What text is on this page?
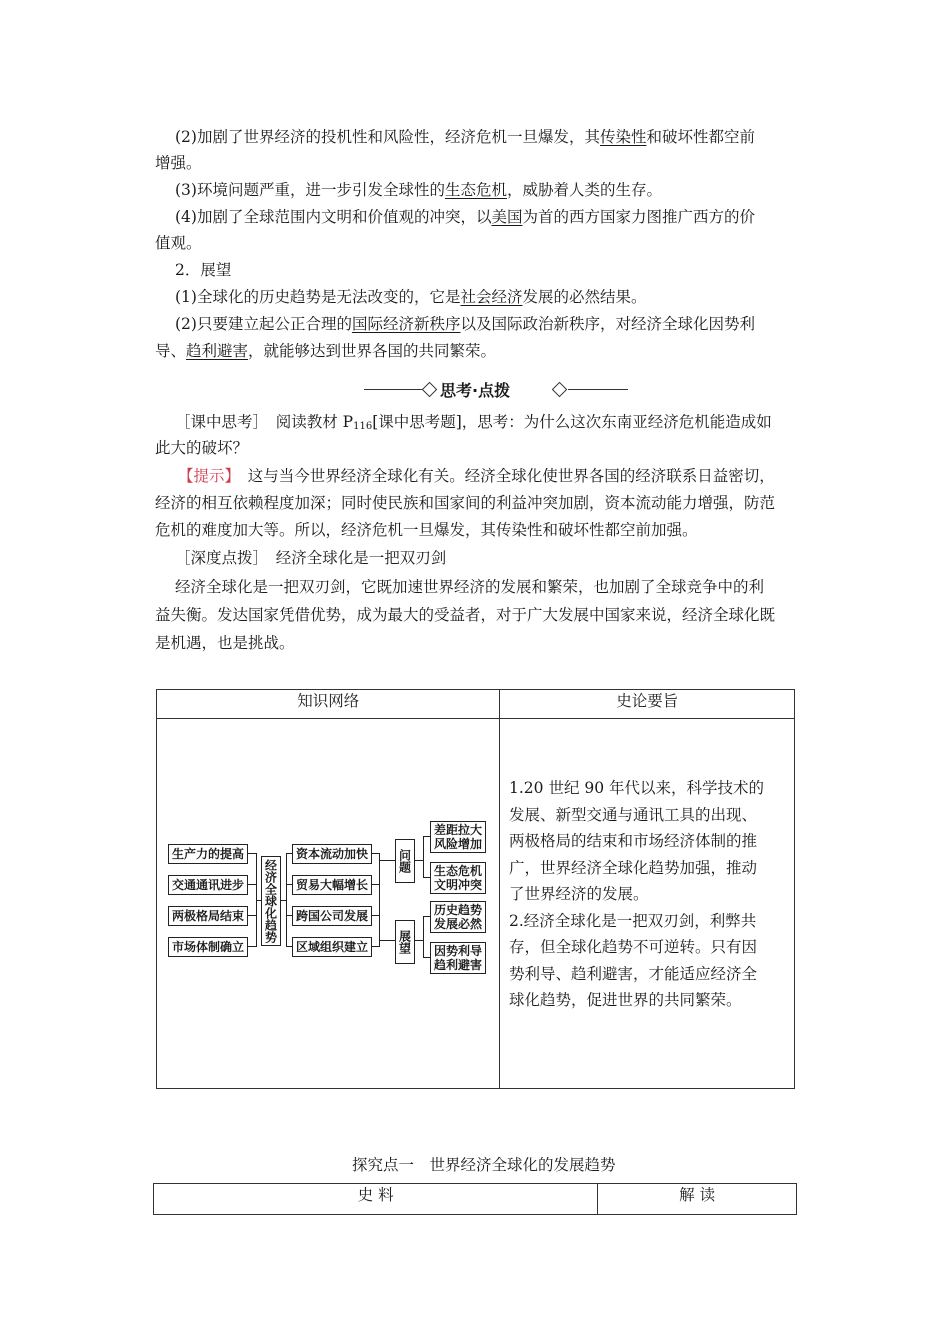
(2)加剧了世界经济的投机性和风险性，经济危机一旦爆发，其传染性和破坏性都空前
增强。
(3)环境问题严重，进一步引发全球性的生态危机，威胁着人类的生存。
(4)加剧了全球范围内文明和价值观的冲突，以美国为首的西方国家力图推广西方的价
值观。
2．展望
(1)全球化的历史趋势是无法改变的，它是社会经济发展的必然结果。
(2)只要建立起公正合理的国际经济新秩序以及国际政治新秩序，对经济全球化因势利
导、趋利避害，就能够达到世界各国的共同繁荣。
思考·点拨
［课中思考］　阅读教材 $P_{116}$[课中思考题]，思考：为什么这次东南亚经济危机能造成如
此大的破坏？
【提示】　这与当今世界经济全球化有关。经济全球化使世界各国的经济联系日益密切，
经济的相互依赖程度加深；同时使民族和国家间的利益冲突加剧，资本流动能力增强，防范
危机的难度加大等。所以，经济危机一旦爆发，其传染性和破坏性都空前加强。
［深度点拨］　经济全球化是一把双刃剑
经济全球化是一把双刃剑，它既加速世界经济的发展和繁荣，也加剧了全球竞争中的利
益失衡。发达国家凭借优势，成为最大的受益者，对于广大发展中国家来说，经济全球化既
是机遇，也是挑战。
知识网络	史论要旨

生产力的提高
交通通讯进步
两极格局结束
市场体制确立
经济全球化趋势
资本流动加快
贸易大幅增长
跨国公司发展
区域组织建立
问题
展望
差距拉大风险增加
生态危机文明冲突
历史趋势发展必然
因势利导趋利避害
1.20 世纪 90 年代以来，科学技术的
发展、新型交通与通讯工具的出现、
两极格局的结束和市场经济体制的推
广，世界经济全球化趋势加强，推动
了世界经济的发展。
2.经济全球化是一把双刃剑，利弊共
存，但全球化趋势不可逆转。只有因
势利导、趋利避害，才能适应经济全
球化趋势，促进世界的共同繁荣。
探究点一　世界经济全球化的发展趋势
史 料	解 读
